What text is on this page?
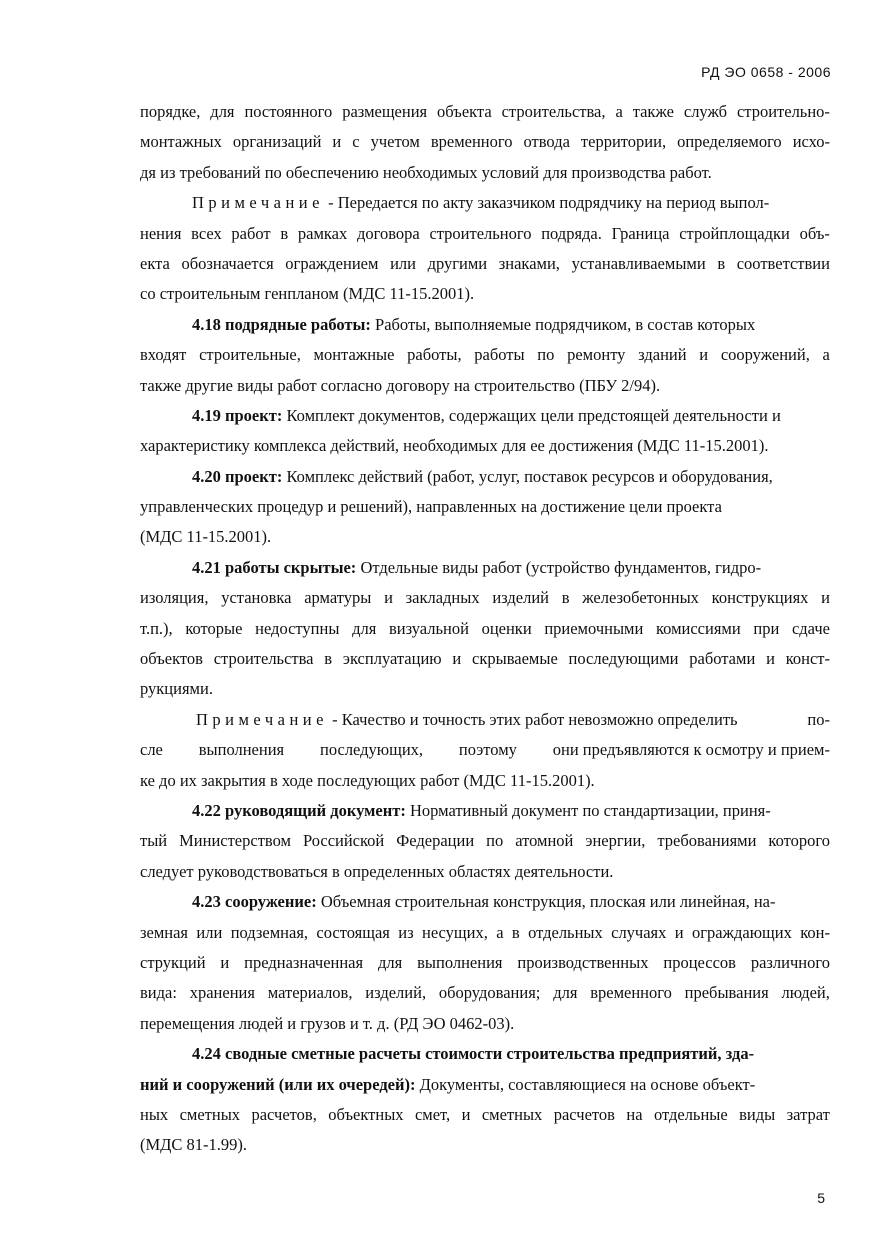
РД ЭО 0658 - 2006
порядке, для постоянного размещения объекта строительства, а также служб строительно-
монтажных организаций и с учетом временного отвода территории, определяемого исхо-
дя из требований по обеспечению необходимых условий для производства работ.
Примечание - Передается по акту заказчиком подрядчику на период выпол-
нения всех работ в рамках договора строительного подряда. Граница стройплощадки объ-
екта обозначается ограждением или другими знаками, устанавливаемыми в соответствии
со строительным генпланом (МДС 11-15.2001).
4.18 подрядные работы: Работы, выполняемые подрядчиком, в состав которых
входят строительные, монтажные работы, работы по ремонту зданий и сооружений, а
также другие виды работ согласно договору на строительство (ПБУ 2/94).
4.19 проект: Комплект документов, содержащих цели предстоящей деятельности и
характеристику комплекса действий, необходимых для ее достижения (МДС 11-15.2001).
4.20 проект: Комплекс действий (работ, услуг, поставок ресурсов и оборудования,
управленческих процедур и решений), направленных на достижение цели проекта
(МДС 11-15.2001).
4.21 работы скрытые: Отдельные виды работ (устройство фундаментов, гидро-
изоляция, установка арматуры и закладных изделий в железобетонных конструкциях и
т.п.), которые недоступны для визуальной оценки приемочными комиссиями при сдаче
объектов строительства в эксплуатацию и скрываемые последующими работами и конст-
рукциями.
Примечание - Качество и точность этих работ невозможно определить	по-
сле выполнения последующих, поэтому они предъявляются к осмотру и прием-
ке до их закрытия в ходе последующих работ (МДС 11-15.2001).
4.22 руководящий документ: Нормативный документ по стандартизации, приня-
тый Министерством Российской Федерации по атомной энергии, требованиями которого
следует руководствоваться в определенных областях деятельности.
4.23 сооружение: Объемная строительная конструкция, плоская или линейная, на-
земная или подземная, состоящая из несущих, а в отдельных случаях и ограждающих кон-
струкций и предназначенная для выполнения производственных процессов различного
вида: хранения материалов, изделий, оборудования; для временного пребывания людей,
перемещения людей и грузов и т. д. (РД ЭО 0462-03).
4.24 сводные сметные расчеты стоимости строительства предприятий, зда-
ний и сооружений (или их очередей): Документы, составляющиеся на основе объект-
ных сметных расчетов, объектных смет, и сметных расчетов на отдельные виды затрат
(МДС 81-1.99).
5
